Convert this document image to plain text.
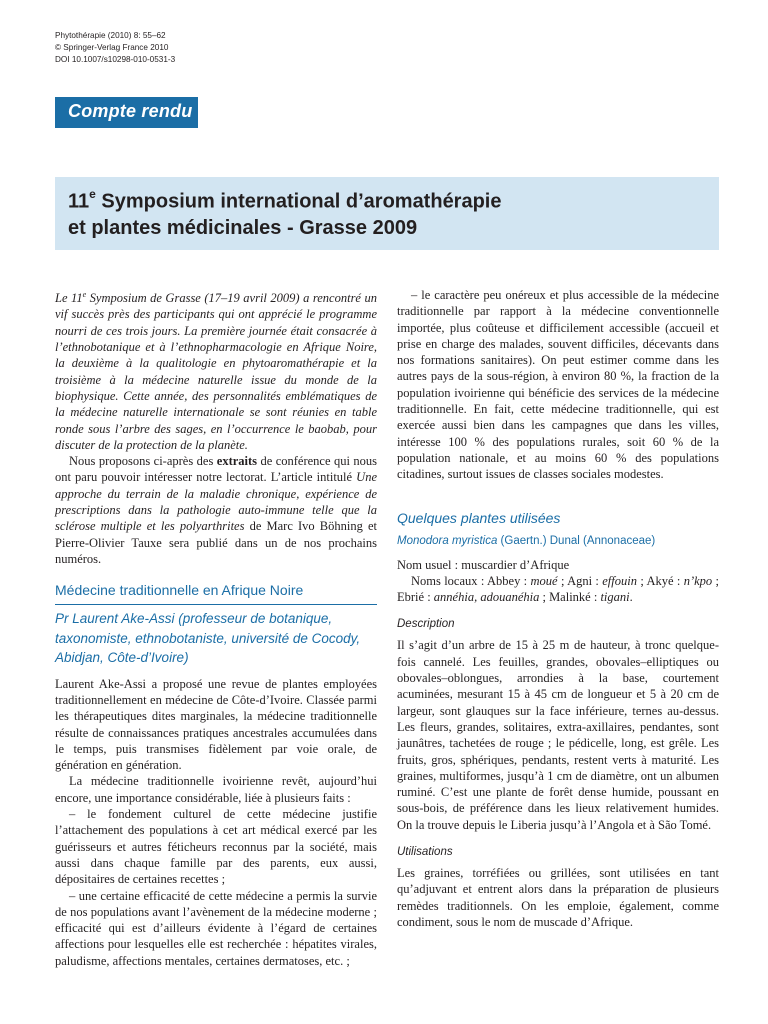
Phytothérapie (2010) 8: 55–62
© Springer-Verlag France 2010
DOI 10.1007/s10298-010-0531-3
Compte rendu
11e Symposium international d’aromathérapie
et plantes médicinales - Grasse 2009

Le 11e Symposium de Grasse (17–19 avril 2009) a rencontré un vif succès près des participants qui ont apprécié le programme nourri de ces trois jours. La première journée était consacrée à l’ethnobotanique et à l’ethnopharmacologie en Afrique Noire, la deuxième à la qualitologie en phytoaromathérapie et la troisième à la médecine naturelle issue du monde de la biophysique. Cette année, des personnalités emblématiques de la médecine naturelle internationale se sont réunies en table ronde sous l’arbre des sages, en l’occurrence le baobab, pour discuter de la protection de la planète.

Nous proposons ci-après des extraits de conférence qui nous ont paru pouvoir intéresser notre lectorat. L’article intitulé Une approche du terrain de la maladie chronique, expérience de prescriptions dans la pathologie auto-immune telle que la sclérose multiple et les polyarthrites de Marc Ivo Böhning et Pierre-Olivier Tauxe sera publié dans un de nos prochains numéros.

Médecine traditionnelle en Afrique Noire
Pr Laurent Ake-Assi (professeur de botanique, taxonomiste, ethnobotaniste, université de Cocody, Abidjan, Côte-d’Ivoire)

Laurent Ake-Assi a proposé une revue de plantes employées traditionnellement en médecine de Côte-d’Ivoire. Classée parmi les thérapeutiques dites marginales, la médecine traditionnelle résulte de connaissances pratiques ancestrales accumulées dans le temps, puis transmises fidèlement par voie orale, de génération en génération.

La médecine traditionnelle ivoirienne revêt, aujourd’hui encore, une importance considérable, liée à plusieurs faits :

– le fondement culturel de cette médecine justifie l’attachement des populations à cet art médical exercé par les guérisseurs et autres féticheurs reconnus par la société, mais aussi dans chaque famille par des parents, eux aussi, dépositaires de certaines recettes ;

– une certaine efficacité de cette médecine a permis la survie de nos populations avant l’avènement de la médecine moderne ; efficacité qui est d’ailleurs évidente à l’égard de certaines affections pour lesquelles elle est recherchée : hépatites virales, paludisme, affections mentales, certaines dermatoses, etc. ;

– le caractère peu onéreux et plus accessible de la médecine traditionnelle par rapport à la médecine conventionnelle importée, plus coûteuse et difficilement accessible (accueil et prise en charge des malades, souvent difficiles, décevants dans nos formations sanitaires). On peut estimer comme dans les autres pays de la sous-région, à environ 80 %, la fraction de la population ivoirienne qui bénéficie des services de la médecine traditionnelle. En fait, cette médecine traditionnelle, qui est exercée aussi bien dans les campagnes que dans les villes, intéresse 100 % des populations rurales, soit 60 % de la population nationale, et au moins 60 % des populations citadines, surtout issues de classes sociales modestes.

Quelques plantes utilisées
Monodora myristica (Gaertn.) Dunal (Annonaceae)

Nom usuel : muscardier d’Afrique

Noms locaux : Abbey : moué ; Agni : effouin ; Akyé : n’kpo ; Ebrié : annéhia, adouanéhia ; Malinké : tigani.

Description

Il s’agit d’un arbre de 15 à 25 m de hauteur, à tronc quelque-fois cannelé. Les feuilles, grandes, obovales–elliptiques ou obovales–oblongues, arrondies à la base, courtement acuminées, mesurant 15 à 45 cm de longueur et 5 à 20 cm de largeur, sont glauques sur la face inférieure, ternes au-dessus. Les fleurs, grandes, solitaires, extra-axillaires, pendantes, sont jaunâtres, tachetées de rouge ; le pédicelle, long, est grêle. Les fruits, gros, sphériques, pendants, restent verts à maturité. Les graines, multiformes, jusqu’à 1 cm de diamètre, ont un albumen ruminé. C’est une plante de forêt dense humide, poussant en sous-bois, de préférence dans les lieux relativement humides. On la trouve depuis le Liberia jusqu’à l’Angola et à São Tomé.

Utilisations

Les graines, torréfiées ou grillées, sont utilisées en tant qu’adjuvant et entrent alors dans la préparation de plusieurs remèdes traditionnels. On les emploie, également, comme condiment, sous le nom de muscade d’Afrique.
